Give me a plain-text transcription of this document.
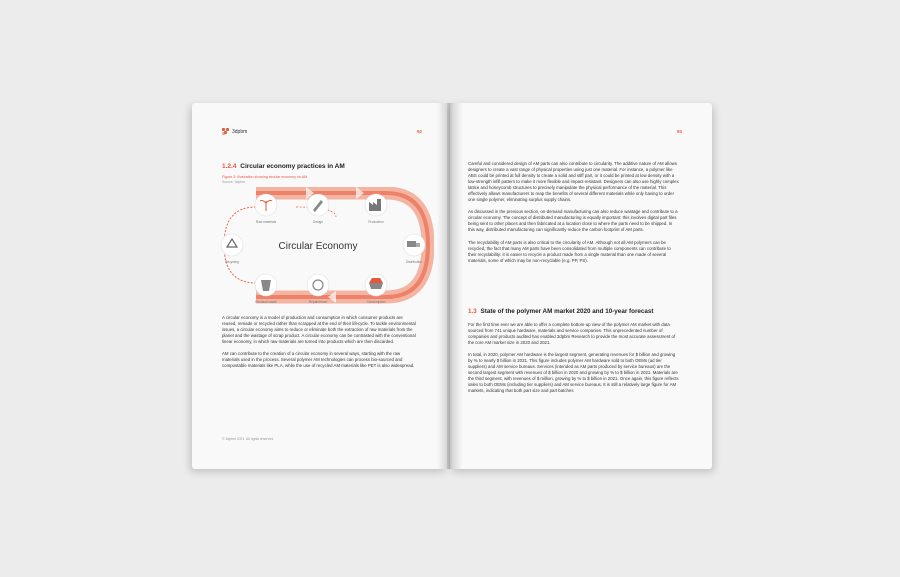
3dpbm	92
1.2.4 Circular economy practices in AM
Figure 3: Illustration showing circular economy on AM
Source: 3dpbm
Raw materials	Design	Production
Distribution
Consumption
Repair/reuse
Residual waste
Recycling
Circular Economy

A circular economy is a model of production and consumption in which consumer products are reused, remade or recycled rather than scrapped at the end of their lifecycle. To tackle environmental issues, a circular economy aims to reduce or eliminate both the extraction of raw materials from the planet and the wastage of scrap product. A circular economy can be contrasted with the conventional linear economy, in which raw materials are turned into products which are then discarded.

AM can contribute to the creation of a circular economy in several ways, starting with the raw materials used in the process. Several polymer AM technologies can process bio-sourced and compostable materials like PLA, while the use of recycled AM materials like PET is also widespread.

© 3dpbm 2021. All rights reserved.
93

Careful and considered design of AM parts can also contribute to circularity. The additive nature of AM allows designers to create a vast range of physical properties using just one material. For instance, a polymer like ABS could be printed at full density to create a solid and stiff part, or it could be printed at low density with a low-strength infill pattern to make it more flexible and impact-resistant. Designers can also use highly complex lattice and honeycomb structures to precisely manipulate the physical performance of the material. This effectively allows manufacturers to reap the benefits of several different materials while only having to order one single polymer, eliminating surplus supply chains.

As discussed in the previous section, on-demand manufacturing can also reduce wastage and contribute to a circular economy. The concept of distributed manufacturing is equally important: this involves digital part files being sent to other places and then fabricated at a location close to where the parts need to be shipped. In this way, distributed manufacturing can significantly reduce the carbon footprint of AM parts.

The recyclability of AM parts is also critical to the circularity of AM. Although not all AM polymers can be recycled, the fact that many AM parts have been consolidated from multiple components can contribute to their recyclability: it is easier to recycle a product made from a single material than one made of several materials, some of which may be non-recyclable (e.g. PP, PS).

1.3 State of the polymer AM market 2020 and 10-year forecast

For the first time ever we are able to offer a complete bottom-up view of the polymer AM market with data sourced from 741 unique hardware, materials and service companies. This unprecedented number of companies and products audited has enabled 3dpbm Research to provide the most accurate assessment of the core AM market size in 2020 and 2021.

In total, in 2020, polymer AM hardware is the largest segment, generating revenues for $ billion and growing by % to nearly $ billion in 2021. This figure includes polymer AM hardware sold to both OEMs (ad tier suppliers) and AM service bureaus. Services (intended as AM parts produced by service bureaus) are the second largest segment with revenues of $ billion in 2020 and growing by % to $ billion in 2021. Materials are the third segment, with revenues of $ million, growing by % to $ billion in 2021. Once again, this figure reflects sales to both OEMs (including tier suppliers) and AM service bureaus. It is still a relatively large figure for AM markets, indicating that both part size and part batches
